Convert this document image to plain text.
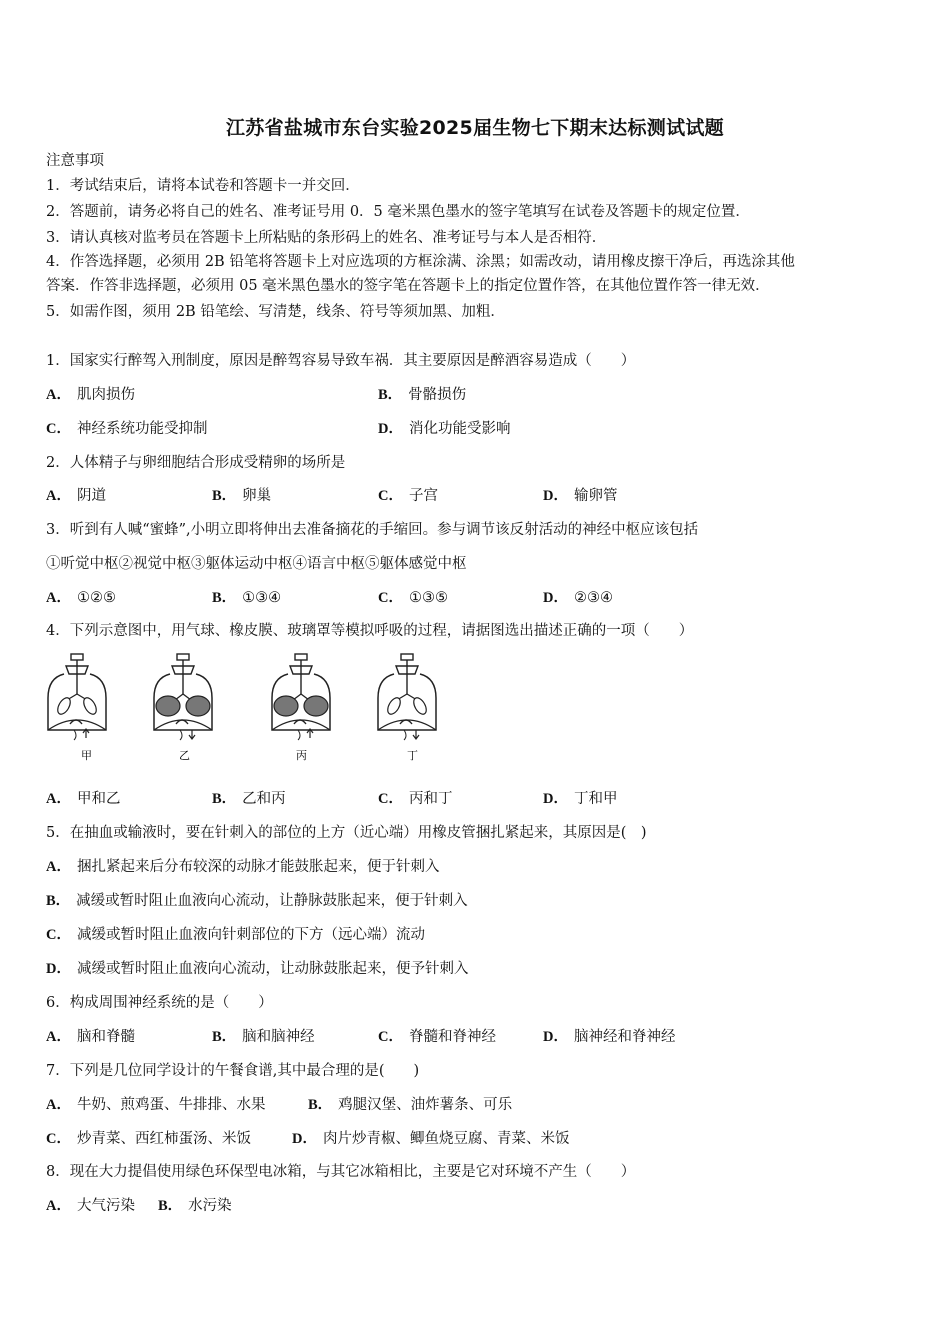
江苏省盐城市东台实验2025届生物七下期末达标测试试题
注意事项
1．考试结束后，请将本试卷和答题卡一并交回．
2．答题前，请务必将自己的姓名、准考证号用 0．5 毫米黑色墨水的签字笔填写在试卷及答题卡的规定位置．
3．请认真核对监考员在答题卡上所粘贴的条形码上的姓名、准考证号与本人是否相符．
4．作答选择题，必须用 2B 铅笔将答题卡上对应选项的方框涂满、涂黑；如需改动，请用橡皮擦干净后，再选涂其他
答案．作答非选择题，必须用 05 毫米黑色墨水的签字笔在答题卡上的指定位置作答，在其他位置作答一律无效．
5．如需作图，须用 2B 铅笔绘、写清楚，线条、符号等须加黑、加粗．
1．国家实行醉驾入刑制度，原因是醉驾容易导致车祸．其主要原因是醉酒容易造成（　　）
A． 肌肉损伤	B． 骨骼损伤
C． 神经系统功能受抑制	D． 消化功能受影响
2．人体精子与卵细胞结合形成受精卵的场所是
A． 阴道	B． 卵巢	C． 子宫	D． 输卵管
3．听到有人喊“蜜蜂”,小明立即将伸出去准备摘花的手缩回。参与调节该反射活动的神经中枢应该包括
①听觉中枢②视觉中枢③躯体运动中枢④语言中枢⑤躯体感觉中枢
A． ①②⑤	B． ①③④	C． ①③⑤	D． ②③④
4．下列示意图中，用气球、橡皮膜、玻璃罩等模拟呼吸的过程，请据图选出描述正确的一项（　　）
甲	乙	丙	丁
A． 甲和乙	B． 乙和丙	C． 丙和丁	D． 丁和甲
5．在抽血或输液时，要在针刺入的部位的上方（近心端）用橡皮管捆扎紧起来，其原因是(　)
A． 捆扎紧起来后分布较深的动脉才能鼓胀起来，便于针刺入
B． 减缓或暂时阻止血液向心流动，让静脉鼓胀起来，便于针刺入
C． 减缓或暂时阻止血液向针刺部位的下方（远心端）流动
D． 减缓或暂时阻止血液向心流动，让动脉鼓胀起来，便予针刺入
6．构成周围神经系统的是（　　）
A． 脑和脊髓	B． 脑和脑神经	C． 脊髓和脊神经	D． 脑神经和脊神经
7．下列是几位同学设计的午餐食谱,其中最合理的是(　　)
A． 牛奶、煎鸡蛋、牛排排、水果	B． 鸡腿汉堡、油炸薯条、可乐
C． 炒青菜、西红柿蛋汤、米饭	D． 肉片炒青椒、鲫鱼烧豆腐、青菜、米饭
8．现在大力提倡使用绿色环保型电冰箱，与其它冰箱相比，主要是它对环境不产生（　　）
A． 大气污染 B． 水污染
